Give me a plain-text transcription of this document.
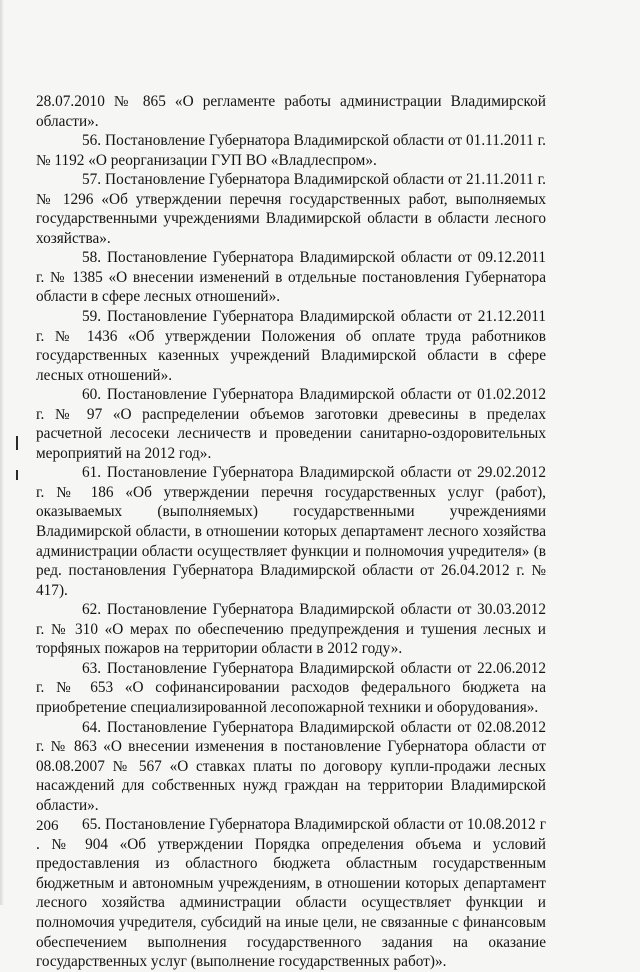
28.07.2010 № 865 «О регламенте работы администрации Владимирской области».

56. Постановление Губернатора Владимирской области от 01.11.2011 г. № 1192 «О реорганизации ГУП ВО «Владлеспром».

57. Постановление Губернатора Владимирской области от 21.11.2011 г. № 1296 «Об утверждении перечня государственных работ, выполняемых государственными учреждениями Владимирской области в области лесного хозяйства».

58. Постановление Губернатора Владимирской области от 09.12.2011 г. № 1385 «О внесении изменений в отдельные постановления Губернатора области в сфере лесных отношений».

59. Постановление Губернатора Владимирской области от 21.12.2011 г. № 1436 «Об утверждении Положения об оплате труда работников государственных казенных учреждений Владимирской области в сфере лесных отношений».

60. Постановление Губернатора Владимирской области от 01.02.2012 г. № 97 «О распределении объемов заготовки древесины в пределах расчетной лесосеки лесничеств и проведении санитарно-оздоровительных мероприятий на 2012 год».

61. Постановление Губернатора Владимирской области от 29.02.2012 г. № 186 «Об утверждении перечня государственных услуг (работ), оказываемых (выполняемых) государственными учреждениями Владимирской области, в отношении которых департамент лесного хозяйства администрации области осуществляет функции и полномочия учредителя» (в ред. постановления Губернатора Владимирской области от 26.04.2012 г. № 417).

62. Постановление Губернатора Владимирской области от 30.03.2012 г. № 310 «О мерах по обеспечению предупреждения и тушения лесных и торфяных пожаров на территории области в 2012 году».

63. Постановление Губернатора Владимирской области от 22.06.2012 г. № 653 «О софинансировании расходов федерального бюджета на приобретение специализированной лесопожарной техники и оборудования».

64. Постановление Губернатора Владимирской области от 02.08.2012 г. № 863 «О внесении изменения в постановление Губернатора области от 08.08.2007 № 567 «О ставках платы по договору купли-продажи лесных насаждений для собственных нужд граждан на территории Владимирской области».

65. Постановление Губернатора Владимирской области от 10.08.2012 г . № 904 «Об утверждении Порядка определения объема и условий предоставления из областного бюджета областным государственным бюджетным и автономным учреждениям, в отношении которых департамент лесного хозяйства администрации области осуществляет функции и полномочия учредителя, субсидий на иные цели, не связанные с финансовым обеспечением выполнения государственного задания на оказание государственных услуг (выполнение государственных работ)».

206
